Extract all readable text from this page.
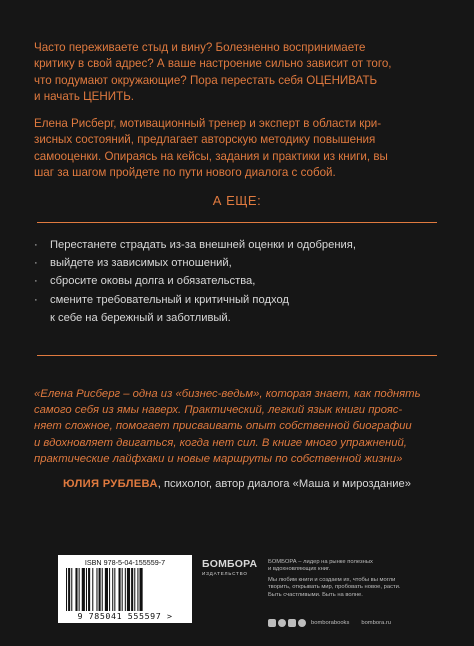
Часто переживаете стыд и вину? Болезненно воспринимаете
критику в свой адрес? А ваше настроение сильно зависит от того,
что подумают окружающие? Пора перестать себя ОЦЕНИВАТЬ
и начать ЦЕНИТЬ.

Елена Рисберг, мотивационный тренер и эксперт в области кри-
зисных состояний, предлагает авторскую методику повышения
самооценки. Опираясь на кейсы, задания и практики из книги, вы
шаг за шагом пройдете по пути нового диалога с собой.

А ЕЩЕ:
· Перестанете страдать из-за внешней оценки и одобрения,
· выйдете из зависимых отношений,
· сбросите оковы долга и обязательства,
· смените требовательный и критичный подход
к себе на бережный и заботливый.

«Елена Рисберг – одна из «бизнес-ведьм», которая знает, как поднять
самого себя из ямы наверх. Практический, легкий язык книги прояс-
няет сложное, помогает присваивать опыт собственной биографии
и вдохновляет двигаться, когда нет сил. В книге много упражнений,
практические лайфхаки и новые маршруты по собственной жизни»

ЮЛИЯ РУБЛЕВА, психолог, автор диалога «Маша и мироздание»
ISBN 978-5-04-155559-7
9 785041 555597 >
БОМБОРА
ИЗДАТЕЛЬСТВО

БОМБОРА – лидер на рынке полезных
и вдохновляющих книг.

Мы любим книги и создаем их, чтобы вы могли
творить, открывать мир, пробовать новое, расти.
Быть счастливыми. Быть на волне.

bomborabooks bombora.ru
